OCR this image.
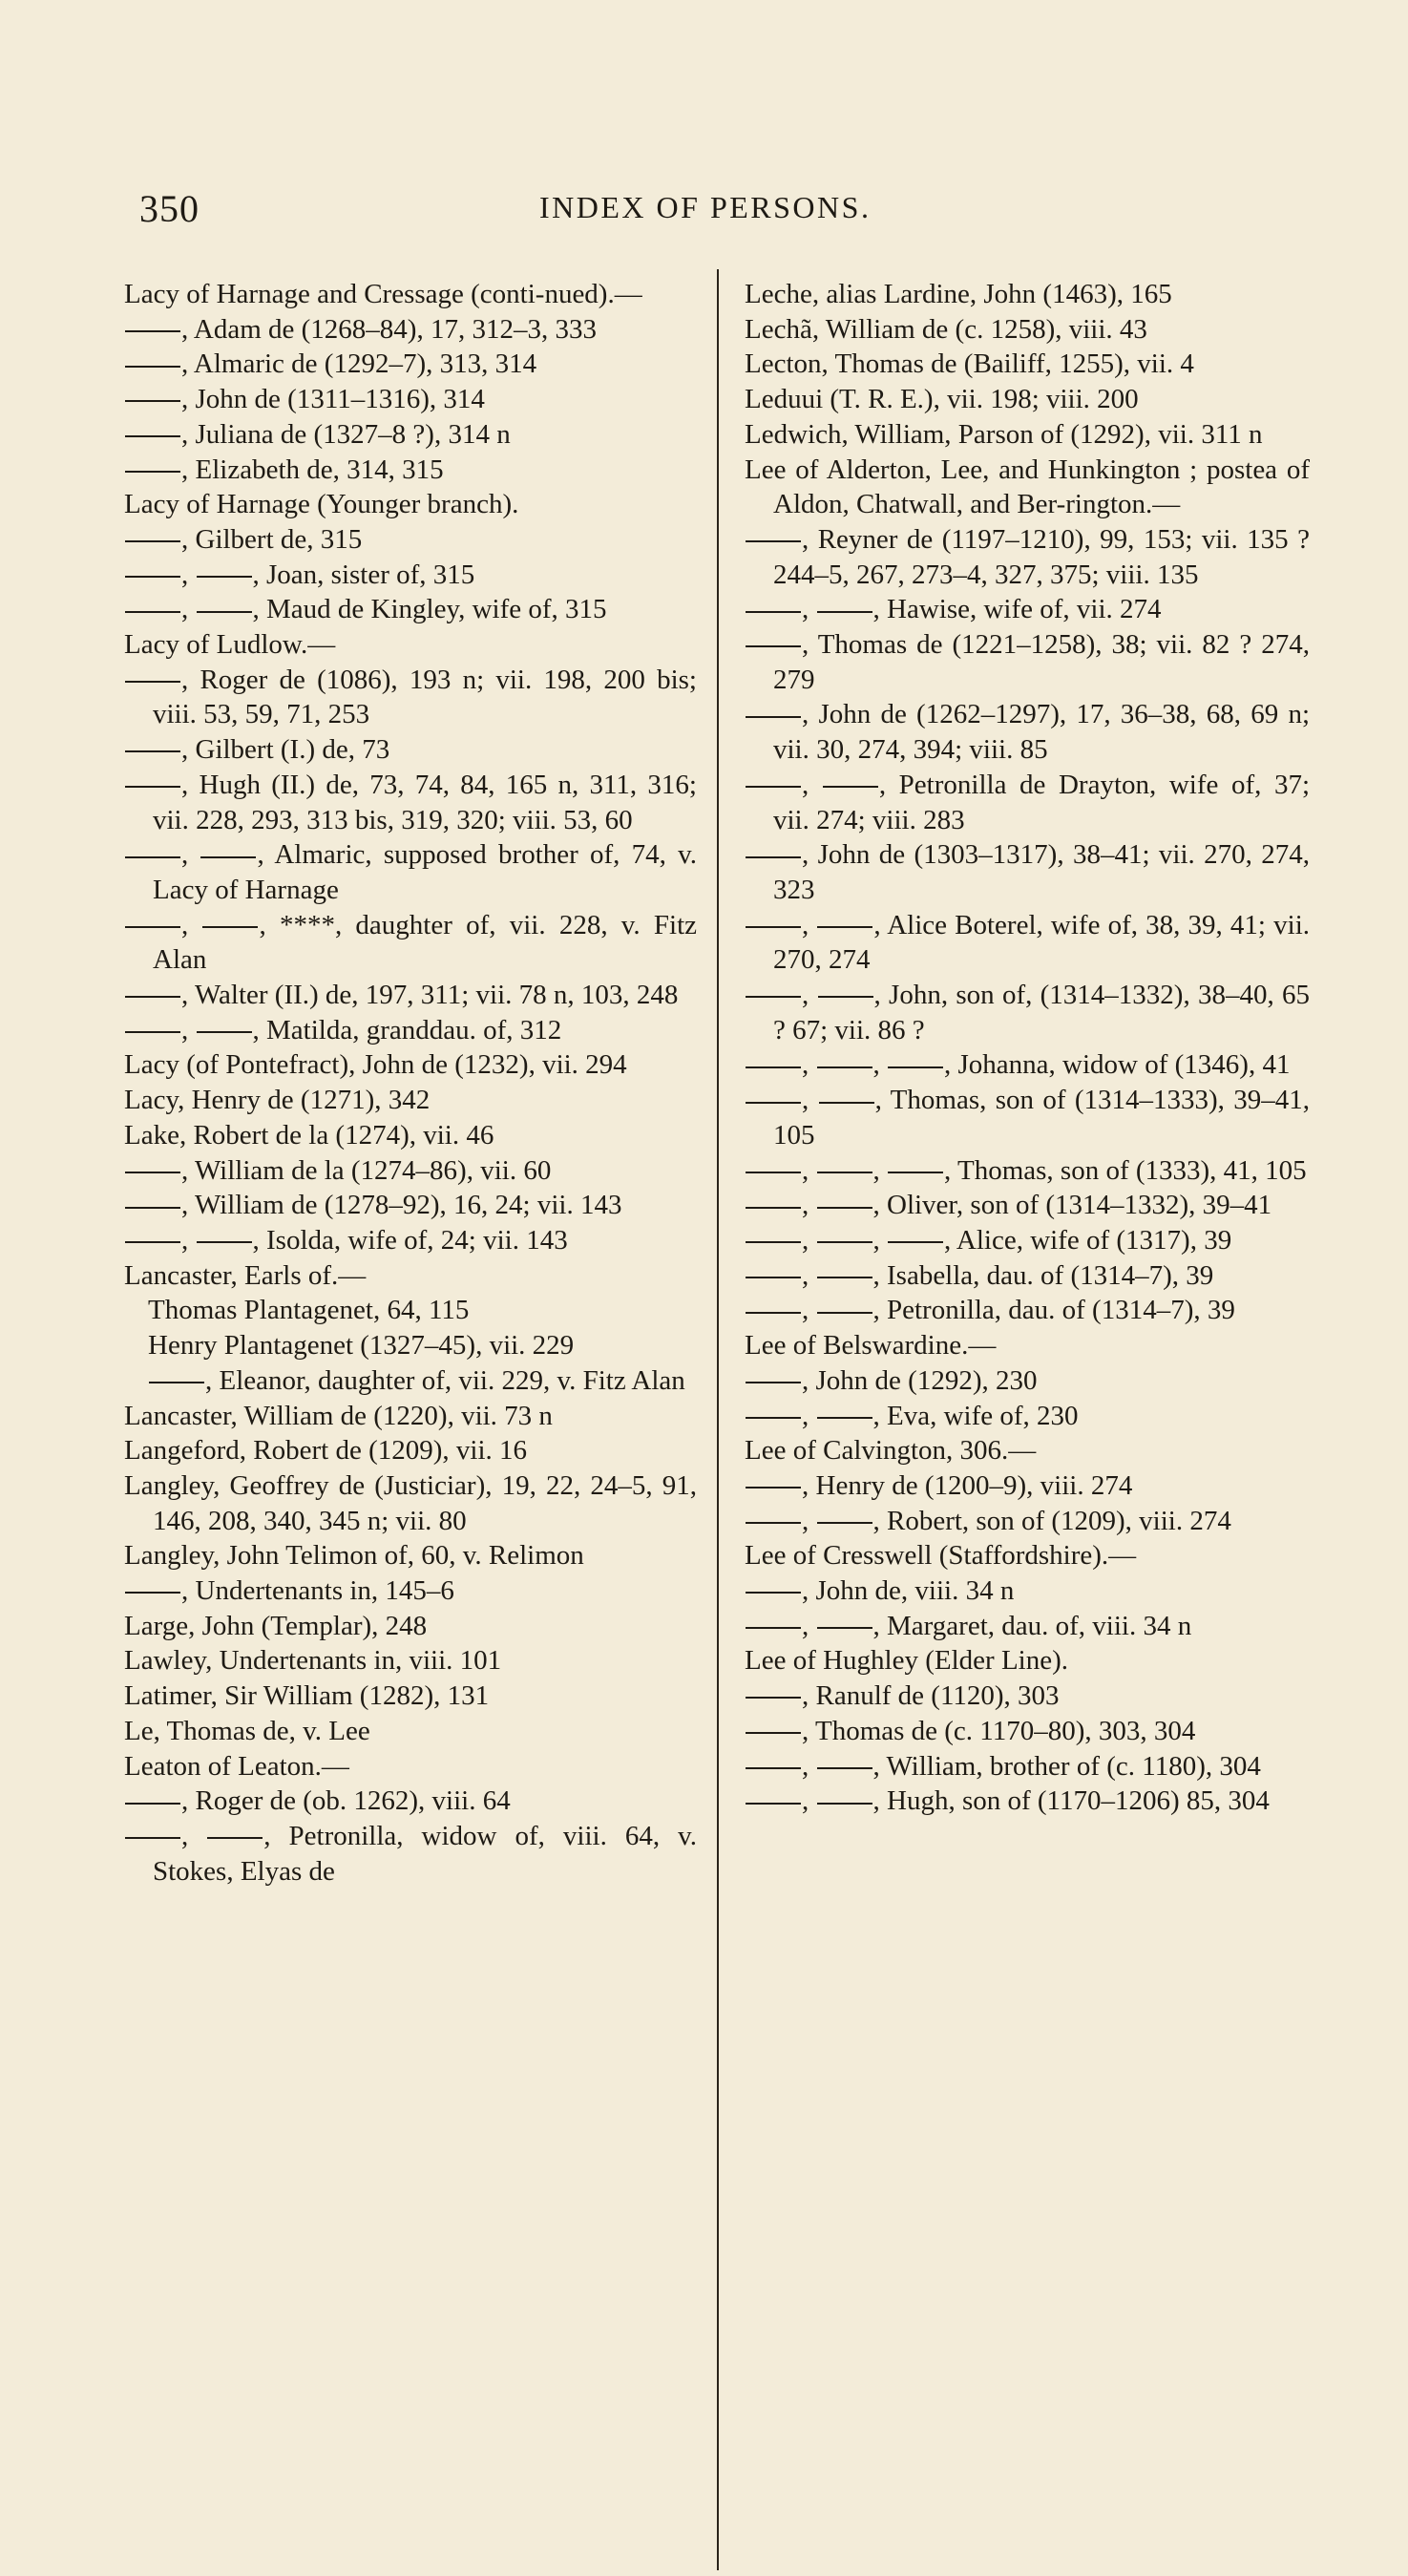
350	INDEX OF PERSONS.
Lacy of Harnage and Cressage (conti-nued).—
, Adam de (1268–84), 17, 312–3, 333
, Almaric de (1292–7), 313, 314
, John de (1311–1316), 314
, Juliana de (1327–8 ?), 314 n
, Elizabeth de, 314, 315
Lacy of Harnage (Younger branch).
, Gilbert de, 315
, , Joan, sister of, 315
, , Maud de Kingley, wife of, 315
Lacy of Ludlow.—
, Roger de (1086), 193 n; vii. 198, 200 bis; viii. 53, 59, 71, 253
, Gilbert (I.) de, 73
, Hugh (II.) de, 73, 74, 84, 165 n, 311, 316; vii. 228, 293, 313 bis, 319, 320; viii. 53, 60
, , Almaric, supposed brother of, 74, v. Lacy of Harnage
, , ****, daughter of, vii. 228, v. Fitz Alan
, Walter (II.) de, 197, 311; vii. 78 n, 103, 248
, , Matilda, granddau. of, 312
Lacy (of Pontefract), John de (1232), vii. 294
Lacy, Henry de (1271), 342
Lake, Robert de la (1274), vii. 46
, William de la (1274–86), vii. 60
, William de (1278–92), 16, 24; vii. 143
, , Isolda, wife of, 24; vii. 143
Lancaster, Earls of.—
Thomas Plantagenet, 64, 115
Henry Plantagenet (1327–45), vii. 229
, Eleanor, daughter of, vii. 229, v. Fitz Alan
Lancaster, William de (1220), vii. 73 n
Langeford, Robert de (1209), vii. 16
Langley, Geoffrey de (Justiciar), 19, 22, 24–5, 91, 146, 208, 340, 345 n; vii. 80
Langley, John Telimon of, 60, v. Relimon
, Undertenants in, 145–6
Large, John (Templar), 248
Lawley, Undertenants in, viii. 101
Latimer, Sir William (1282), 131
Le, Thomas de, v. Lee
Leaton of Leaton.—
, Roger de (ob. 1262), viii. 64
, , Petronilla, widow of, viii. 64, v. Stokes, Elyas de
Leche, alias Lardine, John (1463), 165
Lechã, William de (c. 1258), viii. 43
Lecton, Thomas de (Bailiff, 1255), vii. 4
Leduui (T. R. E.), vii. 198; viii. 200
Ledwich, William, Parson of (1292), vii. 311 n
Lee of Alderton, Lee, and Hunkington ; postea of Aldon, Chatwall, and Ber-rington.—
, Reyner de (1197–1210), 99, 153; vii. 135 ? 244–5, 267, 273–4, 327, 375; viii. 135
, , Hawise, wife of, vii. 274
, Thomas de (1221–1258), 38; vii. 82 ? 274, 279
, John de (1262–1297), 17, 36–38, 68, 69 n; vii. 30, 274, 394; viii. 85
, , Petronilla de Drayton, wife of, 37; vii. 274; viii. 283
, John de (1303–1317), 38–41; vii. 270, 274, 323
, , Alice Boterel, wife of, 38, 39, 41; vii. 270, 274
, , John, son of, (1314–1332), 38–40, 65 ? 67; vii. 86 ?
, , , Johanna, widow of (1346), 41
, , Thomas, son of (1314–1333), 39–41, 105
, , , Thomas, son of (1333), 41, 105
, , Oliver, son of (1314–1332), 39–41
, , , Alice, wife of (1317), 39
, , Isabella, dau. of (1314–7), 39
, , Petronilla, dau. of (1314–7), 39
Lee of Belswardine.—
, John de (1292), 230
, , Eva, wife of, 230
Lee of Calvington, 306.—
, Henry de (1200–9), viii. 274
, , Robert, son of (1209), viii. 274
Lee of Cresswell (Staffordshire).—
, John de, viii. 34 n
, , Margaret, dau. of, viii. 34 n
Lee of Hughley (Elder Line).
, Ranulf de (1120), 303
, Thomas de (c. 1170–80), 303, 304
, , William, brother of (c. 1180), 304
, , Hugh, son of (1170–1206) 85, 304
